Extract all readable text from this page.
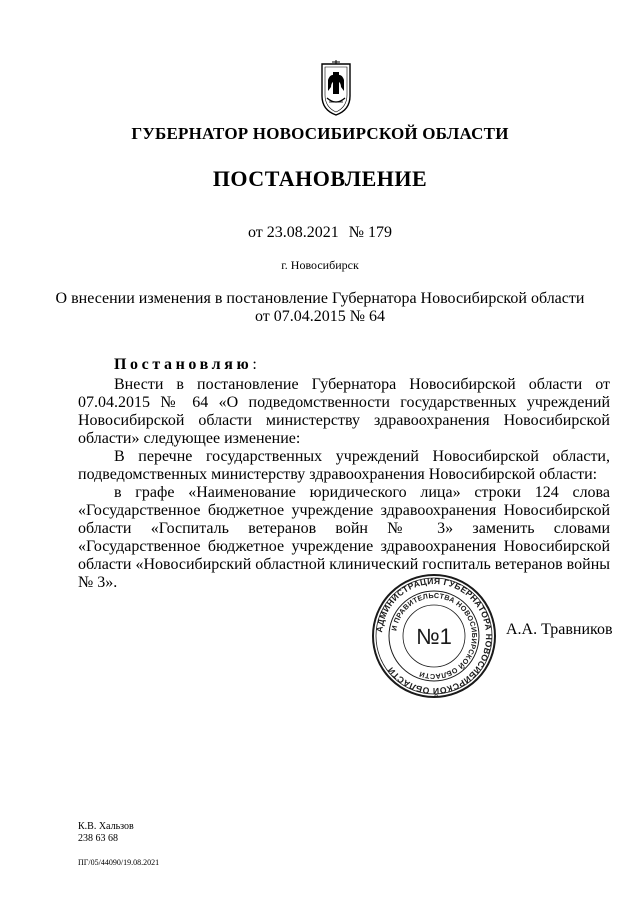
ГУБЕРНАТОР НОВОСИБИРСКОЙ ОБЛАСТИ
ПОСТАНОВЛЕНИЕ
от 23.08.2021 № 179
г. Новосибирск
О внесении изменения в постановление Губернатора Новосибирской области
от 07.04.2015 № 64
Постановляю:
Внести в постановление Губернатора Новосибирской области от 07.04.2015 № 64 «О подведомственности государственных учреждений Новосибирской области министерству здравоохранения Новосибирской области» следующее изменение:
В перечне государственных учреждений Новосибирской области, подведомственных министерству здравоохранения Новосибирской области:
в графе «Наименование юридического лица» строки 124 слова «Государственное бюджетное учреждение здравоохранения Новосибирской области «Госпиталь ветеранов войн № 3» заменить словами «Государственное бюджетное учреждение здравоохранения Новосибирской области «Новосибирский областной клинический госпиталь ветеранов войны № 3».
АДМИНИСТРАЦИЯ ГУБЕРНАТОРА НОВОСИБИРСКОЙ ОБЛАСТИ
И ПРАВИТЕЛЬСТВА НОВОСИБИРСКОЙ ОБЛАСТИ
№1	А.А. Травников
К.В. Хальзов
238 63 68
ПГ/05/44090/19.08.2021
